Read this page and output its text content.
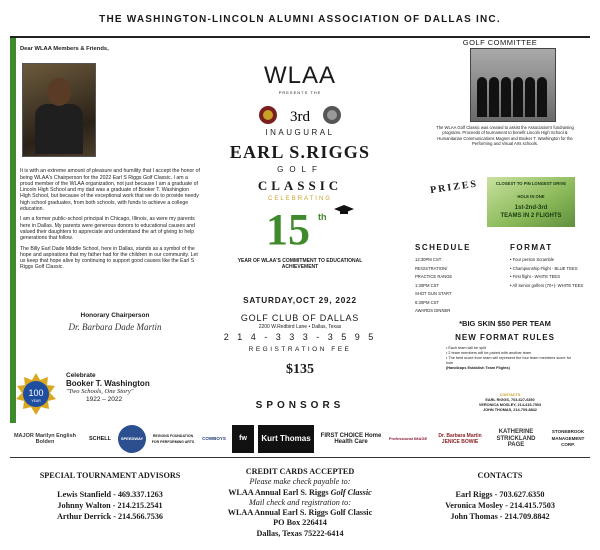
THE WASHINGTON-LINCOLN ALUMNI ASSOCIATION OF DALLAS INC.

Dear WLAA Members & Friends,

It is with an extreme amount of pleasure and humility that I accept the honor of being WLAA's Chairperson for the 2022 Earl S Riggs Golf Classic. I am a proud member of the WLAA organization, not just because I am a graduate of Lincoln High School and my dad was a graduate of Booker T. Washington High School, but because of the exceptional work that we do to provide needy high school graduates, from both schools, with funds to achieve a college education.

I am a former public-school principal in Chicago, Illinois, as were my parents here in Dallas. My parents were generous donors to educational causes and valued their daughters to appreciate and understand the art of giving to help generations that follow.

The Billy Earl Dade Middle School, here in Dallas, stands as a symbol of the hope and aspirations that my father had for the children in our community. Let us keep that hope alive by continuing to support good causes like the Earl S Riggs Golf Classic.

Honorary Chairperson
Dr. Barbara Dade Martin
100
YEAR
Celebrate
Booker T. Washington
"Two Schools, One Story"
1922 – 2022
WLAA
PRESENTS THE
3rd
INAUGURAL
EARL S.RIGGS
GOLF
CLASSIC
CELEBRATING
15 th
YEAR OF WLAA'S COMMITMENT TO EDUCATIONAL ACHIEVEMENT
SATURDAY,OCT 29, 2022
GOLF CLUB OF DALLAS
2200 W.Redbird Lane • Dallas, Texas
2 1 4 - 3 3 3 - 3 5 9 5
REGISTRATION FEE
$135
SPONSORS
GOLF COMMITTEE
The WLAA Golf Classic was created to assist the Association's fundraising programs. Proceeds of tournament to benefit Lincoln High School & Humanitarian Communications Magnet and Booker T. Washington for the Performing and Visual Arts schools.
PRIZES	CLOSEST TO PIN LONGEST DRIVE
HOLE IN ONE
1st-2nd-3rd
TEAMS IN 2 FLIGHTS
SCHEDULE
12:30PM CST
REGISTRATION/
PRACTICE RANGE
1:30PM CST
SHOT GUN START
6:30PM CST
AWARDS DINNER
FORMAT
• Four person Scramble
• Championship Flight - BLUE TEES
• First flight - WHITE TEES
• All Senior golfers (70+)- WHITE TEES
*BIG SKIN $50 PER TEAM
NEW FORMAT RULES
• Each team will be split
• 2 team members will be paired with another team
• The best score from team will represent the four team members score for hole
(Handicaps Establish Team Flights)
CONTACTS
EARL RIGGS, 703-627-6350
VERONICA MOSLEY, 214-415-7503
JOHN THOMAS, 214-709-8842
MAJOR Marilyn English Bolden
SCHELL	SPEEDWAY
REGIONS FOUNDATION FOR PERFORMING ARTS
COWBOYS	fw	Kurt Thomas	FIRST CHOICE Home Health Care
Professional IMAGE	Dr. Barbara Martin JENICE BOWIE
KATHERINE STRICKLAND PAGE
STONEBROOK MANAGEMENT CORP.
SPECIAL TOURNAMENT ADVISORS
Lewis Stanfield - 469.337.1263
Johnny Walton - 214.215.2541
Arthur Derrick - 214.566.7536
CREDIT CARDS ACCEPTED
Please make check payable to:
WLAA Annual Earl S. Riggs Golf Classic
Mail check and registration to:
WLAA Annual Earl S. Riggs Golf Classic
PO Box 226414
Dallas, Texas 75222-6414
CONTACTS
Earl Riggs - 703.627.6350
Veronica Mosley - 214.415.7503
John Thomas - 214.709.8842
